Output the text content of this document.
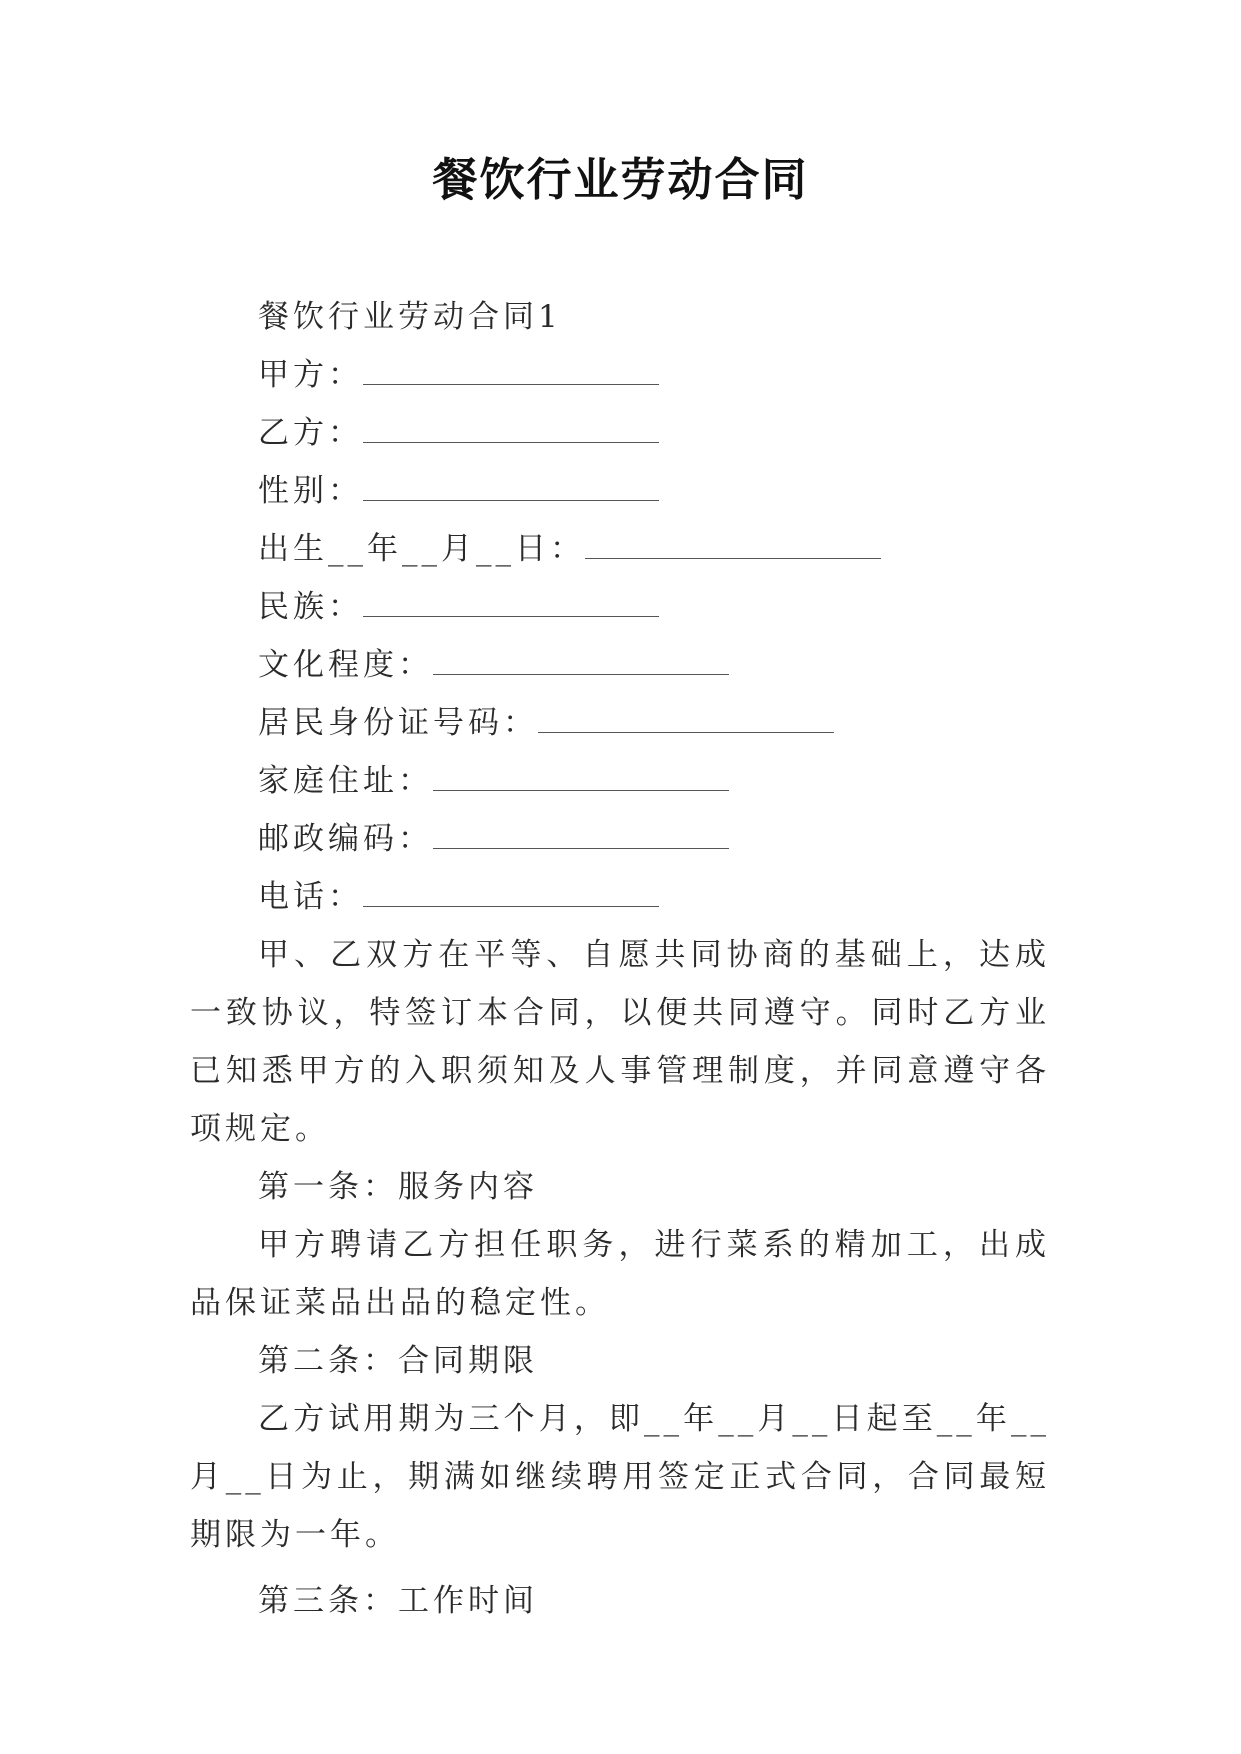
餐饮行业劳动合同
餐饮行业劳动合同1
甲方：
乙方：
性别：
出生__年__月__日：
民族：
文化程度：
居民身份证号码：
家庭住址：
邮政编码：
电话：

甲、乙双方在平等、自愿共同协商的基础上，达成一致协议，特签订本合同，以便共同遵守。同时乙方业已知悉甲方的入职须知及人事管理制度，并同意遵守各项规定。

第一条：服务内容

甲方聘请乙方担任职务，进行菜系的精加工，出成品保证菜品出品的稳定性。

第二条：合同期限

乙方试用期为三个月，即__年__月__日起至__年__月__日为止，期满如继续聘用签定正式合同，合同最短期限为一年。

第三条：工作时间
